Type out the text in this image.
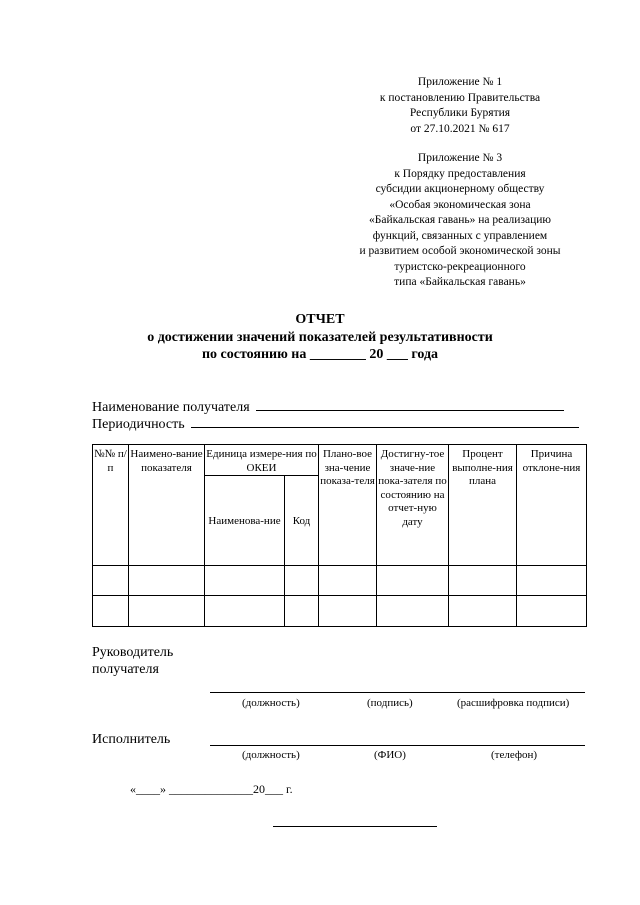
Приложение № 1
к постановлению Правительства
Республики Бурятия
от 27.10.2021 № 617
Приложение № 3
к Порядку предоставления
субсидии акционерному обществу
«Особая экономическая зона
«Байкальская гавань» на реализацию
функций, связанных с управлением
и развитием особой экономической зоны
туристско-рекреационного
типа «Байкальская гавань»
ОТЧЕТ
о достижении значений показателей результативности
по состоянию на ________ 20 ___ года
Наименование получателя
Периодичность
№№ п/п	Наимено-вание показателя	Единица измере-ния по ОКЕИ		Плано-вое зна-чение показа-теля	Достигну-тое значе-ние пока-зателя по состоянию на отчет-ную дату	Процент выполне-ния плана	Причина отклоне-ния
		Наименова-ние	Код				

Руководитель
получателя
(должность)	(подпись)	(расшифровка подписи)
Исполнитель
(должность)	(ФИО)	(телефон)
«____» ______________20___ г.
